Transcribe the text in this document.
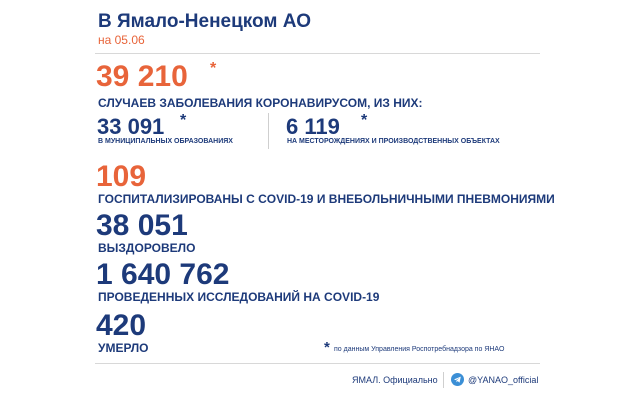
В Ямало-Ненецком АО
на 05.06
39 210 *
СЛУЧАЕВ ЗАБОЛЕВАНИЯ КОРОНАВИРУСОМ, ИЗ НИХ:
33 091 *
В МУНИЦИПАЛЬНЫХ ОБРАЗОВАНИЯХ
6 119 *
НА МЕСТОРОЖДЕНИЯХ И ПРОИЗВОДСТВЕННЫХ ОБЪЕКТАХ
109
ГОСПИТАЛИЗИРОВАНЫ С COVID-19 И ВНЕБОЛЬНИЧНЫМИ ПНЕВМОНИЯМИ
38 051
ВЫЗДОРОВЕЛО
1 640 762
ПРОВЕДЕННЫХ ИССЛЕДОВАНИЙ НА COVID-19
420
УМЕРЛО	* по данным Управления Роспотребнадзора по ЯНАО
ЯМАЛ. Официально	@YANAO_official
